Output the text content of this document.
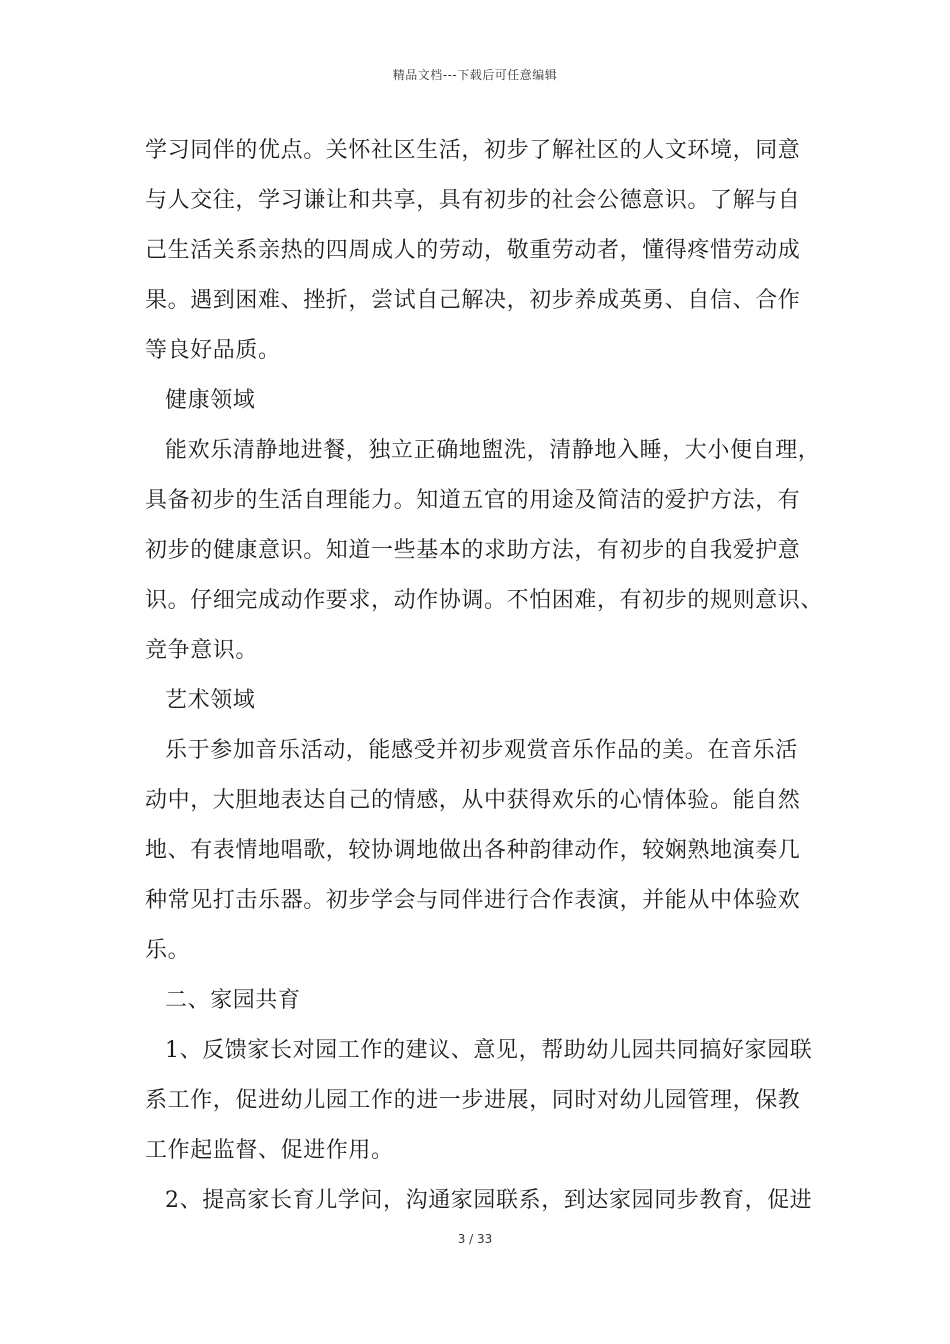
精品文档---下载后可任意编辑
学习同伴的优点。关怀社区生活，初步了解社区的人文环境，同意
与人交往，学习谦让和共享，具有初步的社会公德意识。了解与自
己生活关系亲热的四周成人的劳动，敬重劳动者，懂得疼惜劳动成
果。遇到困难、挫折，尝试自己解决，初步养成英勇、自信、合作
等良好品质。
健康领域
能欢乐清静地进餐，独立正确地盥洗，清静地入睡，大小便自理，
具备初步的生活自理能力。知道五官的用途及简洁的爱护方法，有
初步的健康意识。知道一些基本的求助方法，有初步的自我爱护意
识。仔细完成动作要求，动作协调。不怕困难，有初步的规则意识、
竞争意识。
艺术领域
乐于参加音乐活动，能感受并初步观赏音乐作品的美。在音乐活
动中，大胆地表达自己的情感，从中获得欢乐的心情体验。能自然
地、有表情地唱歌，较协调地做出各种韵律动作，较娴熟地演奏几
种常见打击乐器。初步学会与同伴进行合作表演，并能从中体验欢
乐。
二、家园共育
1、反馈家长对园工作的建议、意见，帮助幼儿园共同搞好家园联
系工作，促进幼儿园工作的进一步进展，同时对幼儿园管理，保教
工作起监督、促进作用。
2、提高家长育儿学问，沟通家园联系，到达家园同步教育，促进
3 / 33
